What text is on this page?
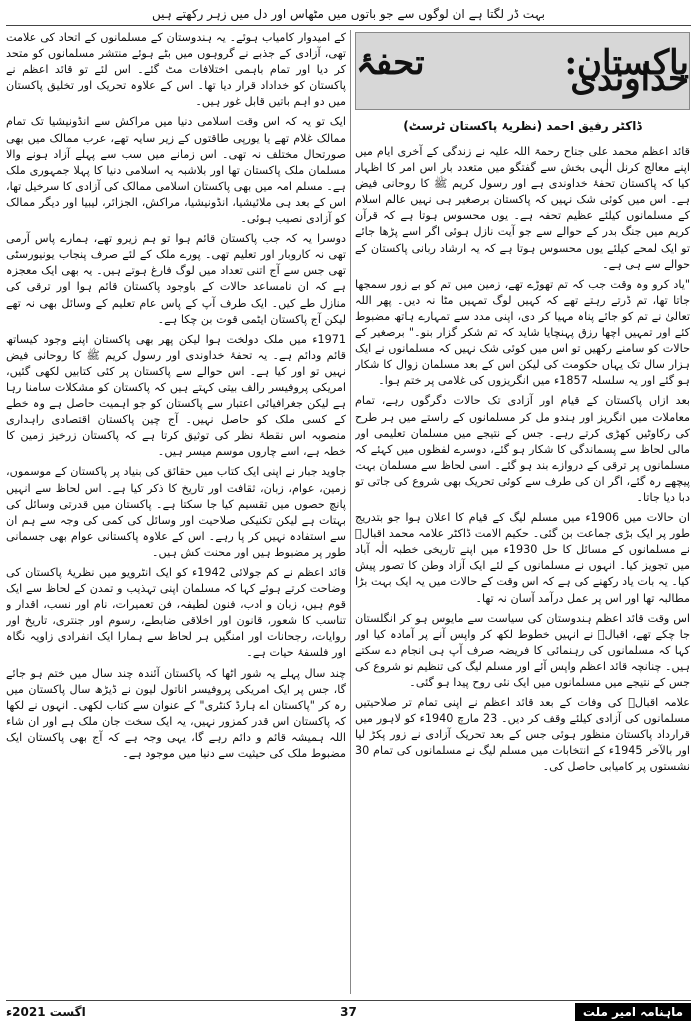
بہت ڈر لگتا ہے ان لوگوں سے جو باتوں میں مٹھاس اور دل میں زہر رکھتے ہیں
پاکستان: تحفۂ خداوندی
ڈاکٹر رفیق احمد (نظریۂ پاکستان ٹرسٹ)

قائد اعظم محمد علی جناح رحمۃ اللہ علیہ نے زندگی کے آخری ایام میں اپنے معالج کرنل الٰہی بخش سے گفتگو میں متعدد بار اس امر کا اظہار کیا کہ پاکستان تحفۂ خداوندی ہے اور رسول کریم ﷺ کا روحانی فیض ہے۔ اس میں کوئی شک نہیں کہ پاکستان برصغیر ہی نہیں عالم اسلام کے مسلمانوں کیلئے عظیم تحفہ ہے۔ یوں محسوس ہوتا ہے کہ قرآن کریم میں جنگ بدر کے حوالے سے جو آیت نازل ہوئی اگر اسے پڑھا جائے تو ایک لمحے کیلئے یوں محسوس ہوتا ہے کہ یہ ارشاد ربانی پاکستان کے حوالے سے ہی ہے۔

"یاد کرو وہ وقت جب کہ تم تھوڑے تھے، زمین میں تم کو بے زور سمجھا جاتا تھا، تم ڈرتے رہتے تھے کہ کہیں لوگ تمہیں مٹا نہ دیں۔ پھر اللہ تعالیٰ نے تم کو جائے پناہ مہیا کر دی، اپنی مدد سے تمہارے ہاتھ مضبوط کئے اور تمہیں اچھا رزق پہنچایا شاید کہ تم شکر گزار بنو۔" برصغیر کے حالات کو سامنے رکھیں تو اس میں کوئی شک نہیں کہ مسلمانوں نے ایک ہزار سال تک یہاں حکومت کی لیکن اس کے بعد مسلمان زوال کا شکار ہو گئے اور یہ سلسلہ 1857ء میں انگریزوں کی غلامی پر ختم ہوا۔

بعد ازاں پاکستان کے قیام اور آزادی تک حالات دگرگوں رہے، تمام معاملات میں انگریز اور ہندو مل کر مسلمانوں کے راستے میں ہر طرح کی رکاوٹیں کھڑی کرتے رہے۔ جس کے نتیجے میں مسلمان تعلیمی اور مالی لحاظ سے پسماندگی کا شکار ہو گئے، دوسرے لفظوں میں کہئے کہ مسلمانوں پر ترقی کے دروازے بند ہو گئے۔ اسی لحاظ سے مسلمان بہت پیچھے رہ گئے، اگر ان کی طرف سے کوئی تحریک بھی شروع کی جاتی تو دبا دیا جاتا۔

ان حالات میں 1906ء میں مسلم لیگ کے قیام کا اعلان ہوا جو بتدریج طور پر ایک بڑی جماعت بن گئی۔ حکیم الامت ڈاکٹر علامہ محمد اقبالؒ نے مسلمانوں کے مسائل کا حل 1930ء میں اپنے تاریخی خطبہ الٰہ آباد میں تجویز کیا۔ انہوں نے مسلمانوں کے لئے ایک آزاد وطن کا تصور پیش کیا۔ یہ بات یاد رکھنے کی ہے کہ اس وقت کے حالات میں یہ ایک بہت بڑا مطالبہ تھا اور اس پر عمل درآمد آسان نہ تھا۔

اس وقت قائد اعظم ہندوستان کی سیاست سے مایوس ہو کر انگلستان جا چکے تھے، اقبالؒ نے انہیں خطوط لکھ کر واپس آنے پر آمادہ کیا اور کہا کہ مسلمانوں کی رہنمائی کا فریضہ صرف آپ ہی انجام دے سکتے ہیں۔ چنانچہ قائد اعظم واپس آئے اور مسلم لیگ کی تنظیم نو شروع کی جس کے نتیجے میں مسلمانوں میں ایک نئی روح پیدا ہو گئی۔

علامہ اقبالؒ کی وفات کے بعد قائد اعظم نے اپنی تمام تر صلاحیتیں مسلمانوں کی آزادی کیلئے وقف کر دیں۔ 23 مارچ 1940ء کو لاہور میں قرارداد پاکستان منظور ہوئی جس کے بعد تحریک آزادی نے زور پکڑ لیا اور بالآخر 1945ء کے انتخابات میں مسلم لیگ نے مسلمانوں کی تمام 30 نشستوں پر کامیابی حاصل کی۔

کے امیدوار کامیاب ہوئے۔ یہ ہندوستان کے مسلمانوں کے اتحاد کی علامت تھی، آزادی کے جذبے نے گروہوں میں بٹے ہوئے منتشر مسلمانوں کو متحد کر دیا اور تمام باہمی اختلافات مٹ گئے۔ اس لئے تو قائد اعظم نے پاکستان کو خداداد قرار دیا تھا۔ اس کے علاوہ تحریک اور تخلیق پاکستان میں دو اہم باتیں قابل غور ہیں۔

ایک تو یہ کہ اس وقت اسلامی دنیا میں مراکش سے انڈونیشیا تک تمام ممالک غلام تھے یا یورپی طاقتوں کے زیر سایہ تھے، عرب ممالک میں بھی صورتحال مختلف نہ تھی۔ اس زمانے میں سب سے پہلے آزاد ہونے والا مسلمان ملک پاکستان تھا اور بلاشبہ یہ اسلامی دنیا کا پہلا جمہوری ملک ہے۔ مسلم امہ میں بھی پاکستان اسلامی ممالک کی آزادی کا سرخیل تھا، اس کے بعد ہی ملائیشیا، انڈونیشیا، مراکش، الجزائر، لیبیا اور دیگر ممالک کو آزادی نصیب ہوئی۔

دوسرا یہ کہ جب پاکستان قائم ہوا تو ہم زیرو تھے، ہمارے پاس آرمی تھی نہ کاروبار اور تعلیم تھی۔ پورے ملک کے لئے صرف پنجاب یونیورسٹی تھی جس سے آج اتنی تعداد میں لوگ فارغ ہوتے ہیں۔ یہ بھی ایک معجزہ ہے کہ ان نامساعد حالات کے باوجود پاکستان قائم ہوا اور ترقی کی منازل طے کیں۔ ایک طرف آپ کے پاس عام تعلیم کے وسائل بھی نہ تھے لیکن آج پاکستان ایٹمی قوت بن چکا ہے۔

1971ء میں ملک دولخت ہوا لیکن پھر بھی پاکستان اپنے وجود کیساتھ قائم ودائم ہے۔ یہ تحفۂ خداوندی اور رسول کریم ﷺ کا روحانی فیض نہیں تو اور کیا ہے۔ اس حوالے سے پاکستان پر کئی کتابیں لکھی گئیں، امریکی پروفیسر رالف بیتی کہتے ہیں کہ پاکستان کو مشکلات سامنا رہا ہے لیکن جغرافیائی اعتبار سے پاکستان کو جو اہمیت حاصل ہے وہ خطے کے کسی ملک کو حاصل نہیں۔ آج چین پاکستان اقتصادی راہداری منصوبہ اس نقطۂ نظر کی توثیق کرتا ہے کہ پاکستان زرخیز زمین کا خطہ ہے، اسے چاروں موسم میسر ہیں۔

جاوید جبار نے اپنی ایک کتاب میں حقائق کی بنیاد پر پاکستان کے موسموں، زمین، عوام، زبان، ثقافت اور تاریخ کا ذکر کیا ہے۔ اس لحاظ سے انہیں پانچ حصوں میں تقسیم کیا جا سکتا ہے۔ پاکستان میں قدرتی وسائل کی بہتات ہے لیکن تکنیکی صلاحیت اور وسائل کی کمی کی وجہ سے ہم ان سے استفادہ نہیں کر پا رہے۔ اس کے علاوہ پاکستانی عوام بھی جسمانی طور پر مضبوط ہیں اور محنت کش ہیں۔

قائد اعظم نے کم جولائی 1942ء کو ایک انٹرویو میں نظریۂ پاکستان کی وضاحت کرتے ہوئے کہا کہ مسلمان اپنی تہذیب و تمدن کے لحاظ سے ایک قوم ہیں، زبان و ادب، فنون لطیفہ، فن تعمیرات، نام اور نسب، اقدار و تناسب کا شعور، قانون اور اخلاقی ضابطے، رسوم اور جنتری، تاریخ اور روایات، رجحانات اور امنگیں ہر لحاظ سے ہمارا ایک انفرادی زاویہ نگاہ اور فلسفۂ حیات ہے۔

چند سال پہلے یہ شور اٹھا کہ پاکستان آئندہ چند سال میں ختم ہو جائے گا، جس پر ایک امریکی پروفیسر اناتول لیون نے ڈیڑھ سال پاکستان میں رہ کر "پاکستان اے ہارڈ کنٹری" کے عنوان سے کتاب لکھی۔ انہوں نے لکھا کہ پاکستان اس قدر کمزور نہیں، یہ ایک سخت جان ملک ہے اور ان شاء اللہ ہمیشہ قائم و دائم رہے گا، یہی وجہ ہے کہ آج بھی پاکستان ایک مضبوط ملک کی حیثیت سے دنیا میں موجود ہے۔

ماہنامہ امیر ملت
37
اگست 2021ء
